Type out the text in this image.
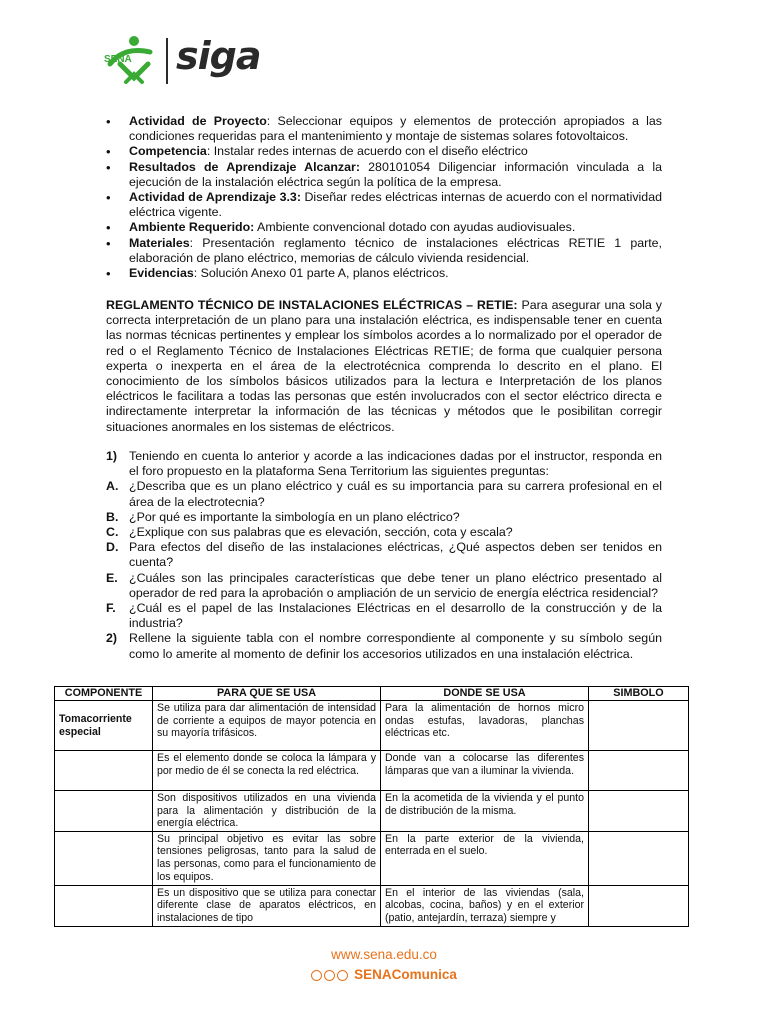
SENA siga
• Actividad de Proyecto: Seleccionar equipos y elementos de protección apropiados a las condiciones requeridas para el mantenimiento y montaje de sistemas solares fotovoltaicos.
• Competencia: Instalar redes internas de acuerdo con el diseño eléctrico
• Resultados de Aprendizaje Alcanzar: 280101054 Diligenciar información vinculada a la ejecución de la instalación eléctrica según la política de la empresa.
• Actividad de Aprendizaje 3.3: Diseñar redes eléctricas internas de acuerdo con el normatividad eléctrica vigente.
• Ambiente Requerido: Ambiente convencional dotado con ayudas audiovisuales.
• Materiales: Presentación reglamento técnico de instalaciones eléctricas RETIE 1 parte, elaboración de plano eléctrico, memorias de cálculo vivienda residencial.
• Evidencias: Solución Anexo 01 parte A, planos eléctricos.

REGLAMENTO TÉCNICO DE INSTALACIONES ELÉCTRICAS – RETIE: Para asegurar una sola y correcta interpretación de un plano para una instalación eléctrica, es indispensable tener en cuenta las normas técnicas pertinentes y emplear los símbolos acordes a lo normalizado por el operador de red o el Reglamento Técnico de Instalaciones Eléctricas RETIE; de forma que cualquier persona experta o inexperta en el área de la electrotécnica comprenda lo descrito en el plano. El conocimiento de los símbolos básicos utilizados para la lectura e Interpretación de los planos eléctricos le facilitara a todas las personas que estén involucrados con el sector eléctrico directa e indirectamente interpretar la información de las técnicas y métodos que le posibilitan corregir situaciones anormales en los sistemas de eléctricos.

1) Teniendo en cuenta lo anterior y acorde a las indicaciones dadas por el instructor, responda en el foro propuesto en la plataforma Sena Territorium las siguientes preguntas:
A. ¿Describa que es un plano eléctrico y cuál es su importancia para su carrera profesional en el área de la electrotecnia?
B. ¿Por qué es importante la simbología en un plano eléctrico?
C. ¿Explique con sus palabras que es elevación, sección, cota y escala?
D. Para efectos del diseño de las instalaciones eléctricas, ¿Qué aspectos deben ser tenidos en cuenta?
E. ¿Cuáles son las principales características que debe tener un plano eléctrico presentado al operador de red para la aprobación o ampliación de un servicio de energía eléctrica residencial?
F. ¿Cuál es el papel de las Instalaciones Eléctricas en el desarrollo de la construcción y de la industria?
2) Rellene la siguiente tabla con el nombre correspondiente al componente y su símbolo según como lo amerite al momento de definir los accesorios utilizados en una instalación eléctrica.
COMPONENTE	PARA QUE SE USA	DONDE SE USA	SIMBOLO
Tomacorriente especial	Se utiliza para dar alimentación de intensidad de corriente a equipos de mayor potencia en su mayoría trifásicos.	Para la alimentación de hornos micro ondas estufas, lavadoras, planchas eléctricas etc.	
	Es el elemento donde se coloca la lámpara y por medio de él se conecta la red eléctrica.	Donde van a colocarse las diferentes lámparas que van a iluminar la vivienda.	
	Son dispositivos utilizados en una vivienda para la alimentación y distribución de la energía eléctrica.	En la acometida de la vivienda y el punto de distribución de la misma.	
	Su principal objetivo es evitar las sobre tensiones peligrosas, tanto para la salud de las personas, como para el funcionamiento de los equipos.	En la parte exterior de la vivienda, enterrada en el suelo.	
	Es un dispositivo que se utiliza para conectar diferente clase de aparatos eléctricos, en instalaciones de tipo	En el interior de las viviendas (sala, alcobas, cocina, baños) y en el exterior (patio, antejardín, terraza) siempre y	
www.sena.edu.co
SENAComunica
